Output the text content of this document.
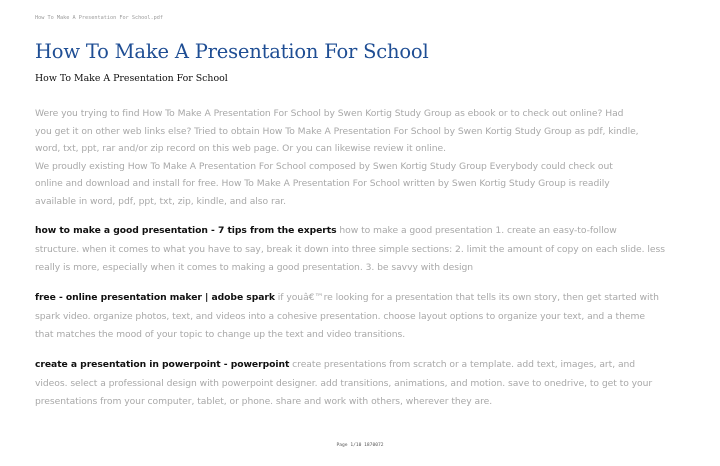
How To Make A Presentation For School.pdf
How To Make A Presentation For School
How To Make A Presentation For School

Were you trying to find How To Make A Presentation For School by Swen Kortig Study Group as ebook or to check out online? Had
you get it on other web links else? Tried to obtain How To Make A Presentation For School by Swen Kortig Study Group as pdf, kindle,
word, txt, ppt, rar and/or zip record on this web page. Or you can likewise review it online.
We proudly existing How To Make A Presentation For School composed by Swen Kortig Study Group Everybody could check out
online and download and install for free. How To Make A Presentation For School written by Swen Kortig Study Group is readily
available in word, pdf, ppt, txt, zip, kindle, and also rar.

how to make a good presentation - 7 tips from the experts how to make a good presentation 1. create an easy-to-follow
structure. when it comes to what you have to say, break it down into three simple sections: 2. limit the amount of copy on each slide. less
really is more, especially when it comes to making a good presentation. 3. be savvy with design

free - online presentation maker | adobe spark if youâ€™re looking for a presentation that tells its own story, then get started with
spark video. organize photos, text, and videos into a cohesive presentation. choose layout options to organize your text, and a theme
that matches the mood of your topic to change up the text and video transitions.

create a presentation in powerpoint - powerpoint create presentations from scratch or a template. add text, images, art, and
videos. select a professional design with powerpoint designer. add transitions, animations, and motion. save to onedrive, to get to your
presentations from your computer, tablet, or phone. share and work with others, wherever they are.

Page 1/10 1870072
